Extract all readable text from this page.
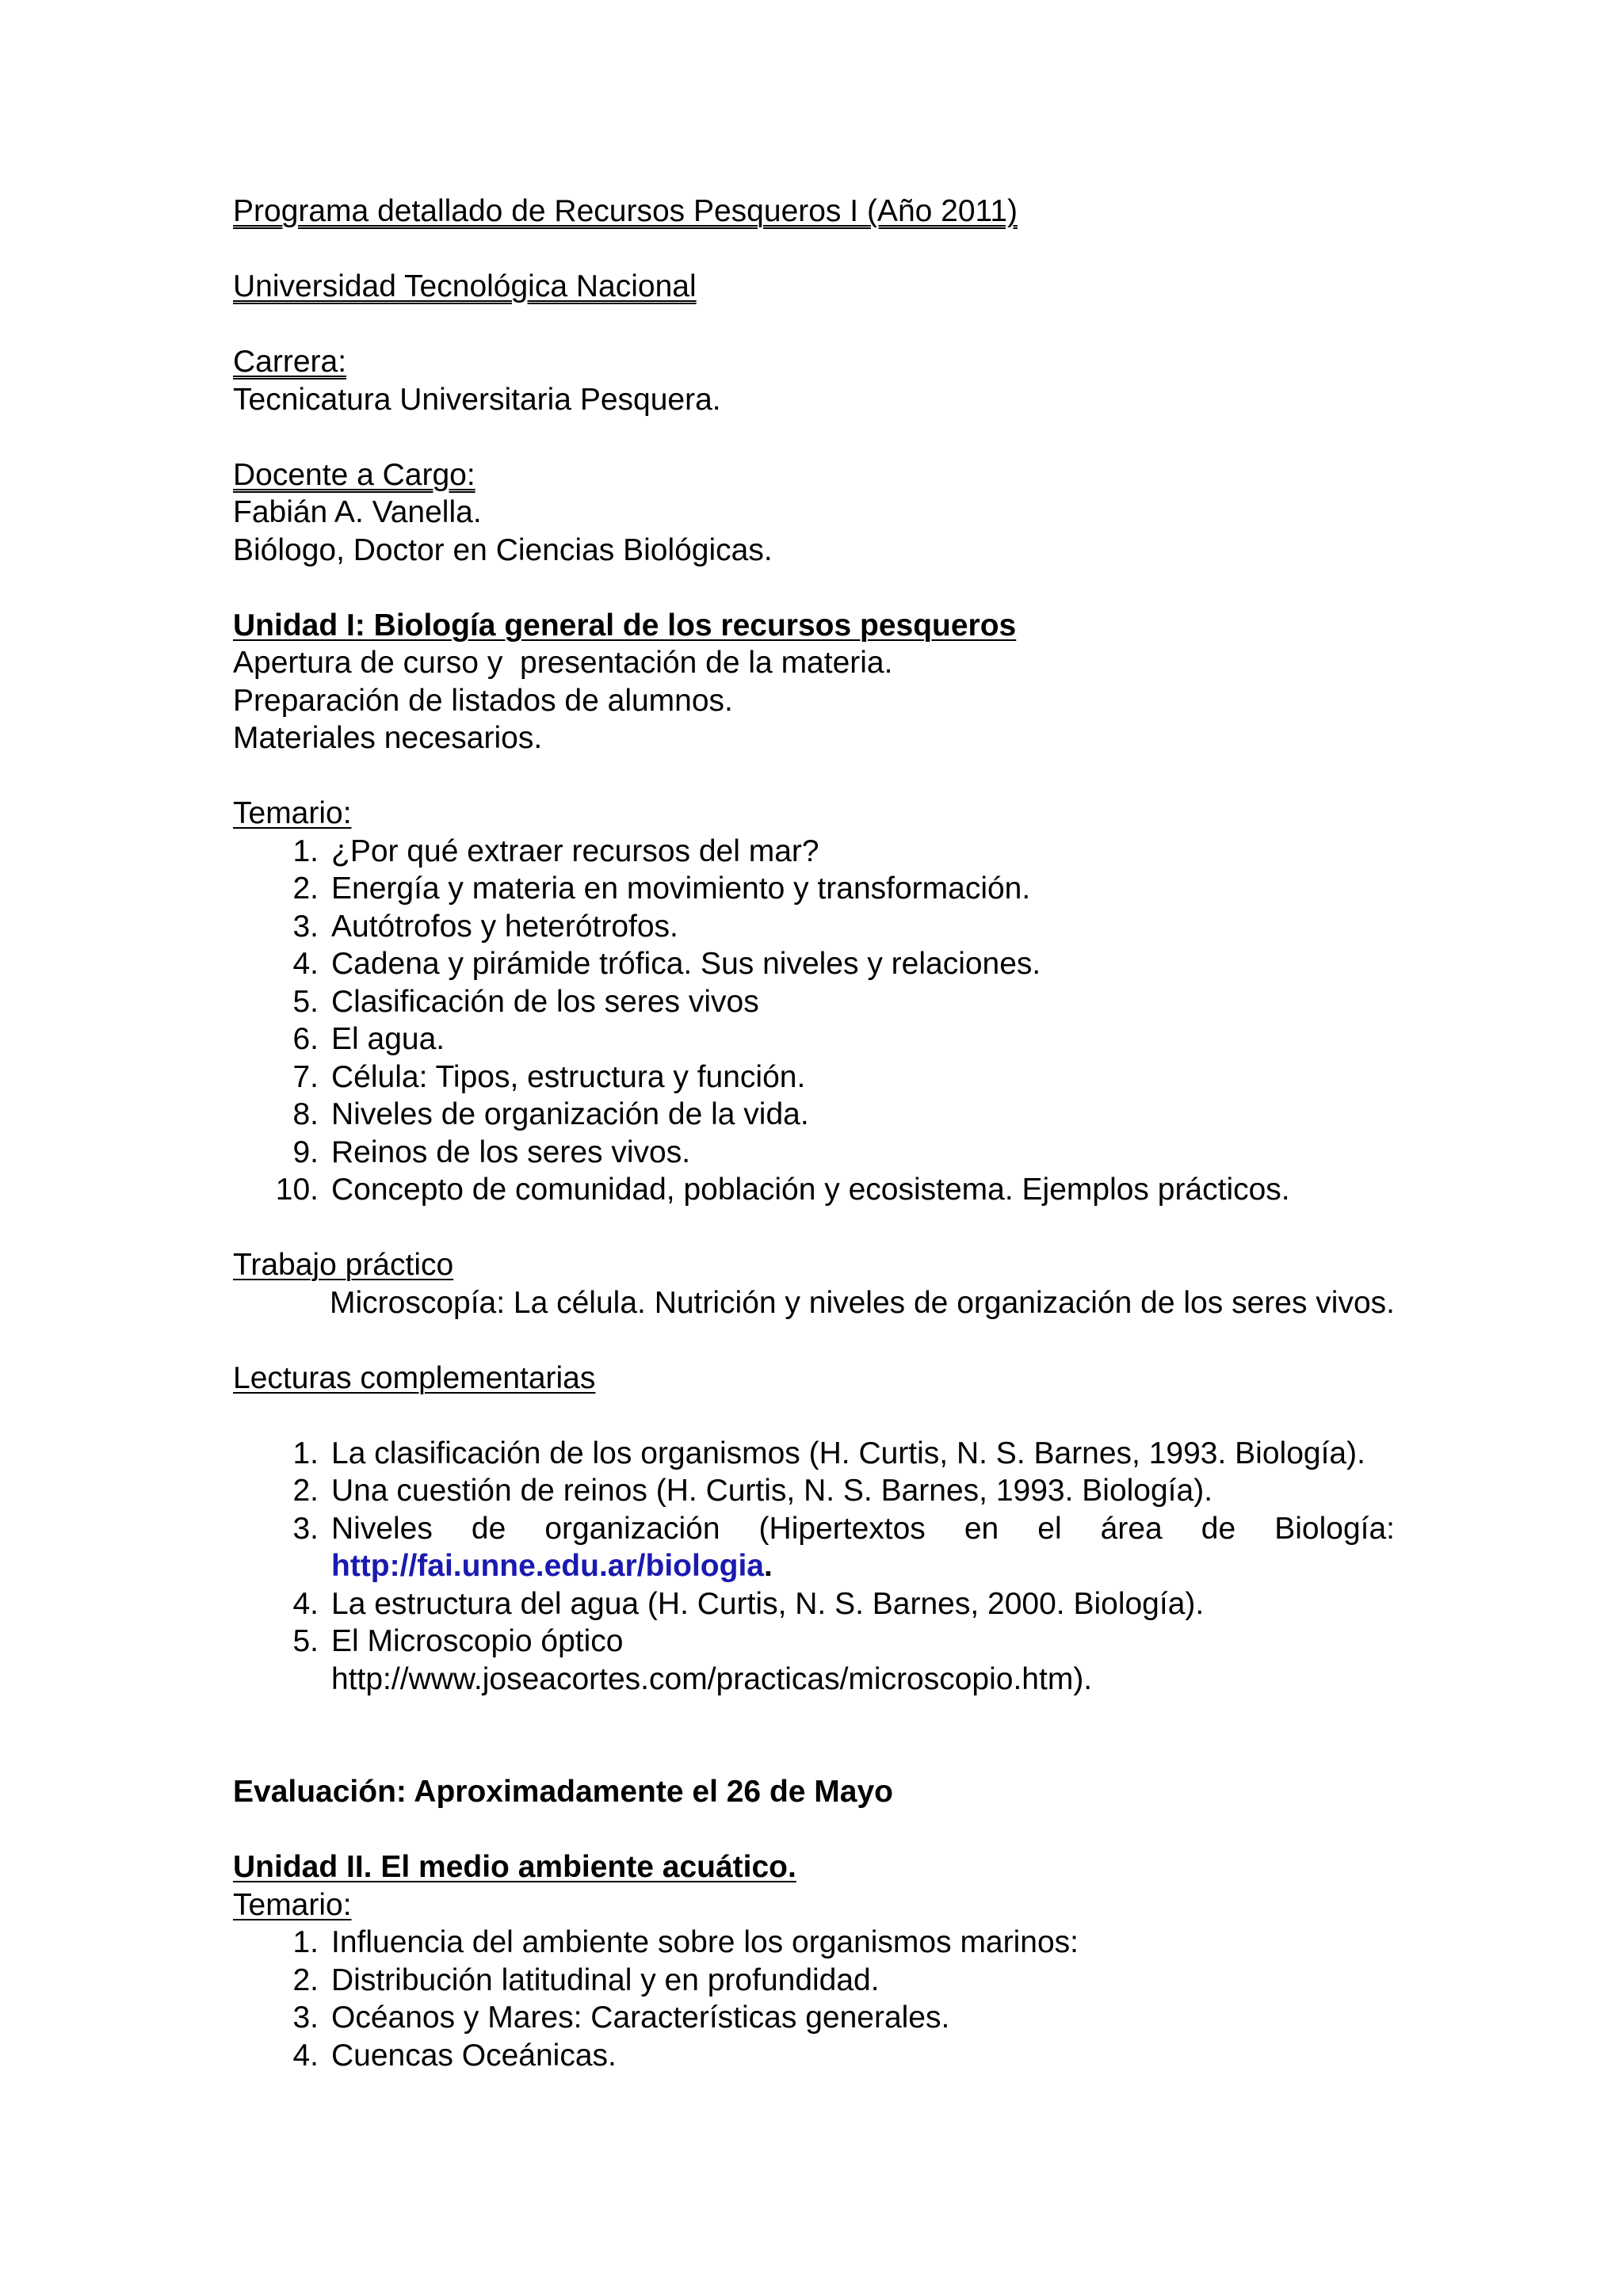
Programa detallado de Recursos Pesqueros I (Año 2011)
Universidad Tecnológica Nacional
Carrera:
Tecnicatura Universitaria Pesquera.
Docente a Cargo:
Fabián A. Vanella.
Biólogo, Doctor en Ciencias Biológicas.
Unidad I: Biología general de los recursos pesqueros
Apertura de curso y  presentación de la materia.
Preparación de listados de alumnos.
Materiales necesarios.
Temario:
1. ¿Por qué extraer recursos del mar?
2. Energía y materia en movimiento y transformación.
3. Autótrofos y heterótrofos.
4. Cadena y pirámide trófica. Sus niveles y relaciones.
5. Clasificación de los seres vivos
6. El agua.
7. Célula: Tipos, estructura y función.
8. Niveles de organización de la vida.
9. Reinos de los seres vivos.
10. Concepto de comunidad, población y ecosistema. Ejemplos prácticos.
Trabajo práctico
Microscopía: La célula. Nutrición y niveles de organización de los seres vivos.
Lecturas complementarias
1. La clasificación de los organismos (H. Curtis, N. S. Barnes, 1993. Biología).
2. Una cuestión de reinos (H. Curtis, N. S. Barnes, 1993. Biología).
3. Niveles de organización (Hipertextos en el área de Biología: http://fai.unne.edu.ar/biologia.
4. La estructura del agua (H. Curtis, N. S. Barnes, 2000. Biología).
5. El Microscopio óptico
http://www.joseacortes.com/practicas/microscopio.htm).
Evaluación: Aproximadamente el 26 de Mayo
Unidad II. El medio ambiente acuático.
Temario:
1. Influencia del ambiente sobre los organismos marinos:
2. Distribución latitudinal y en profundidad.
3. Océanos y Mares: Características generales.
4. Cuencas Oceánicas.
